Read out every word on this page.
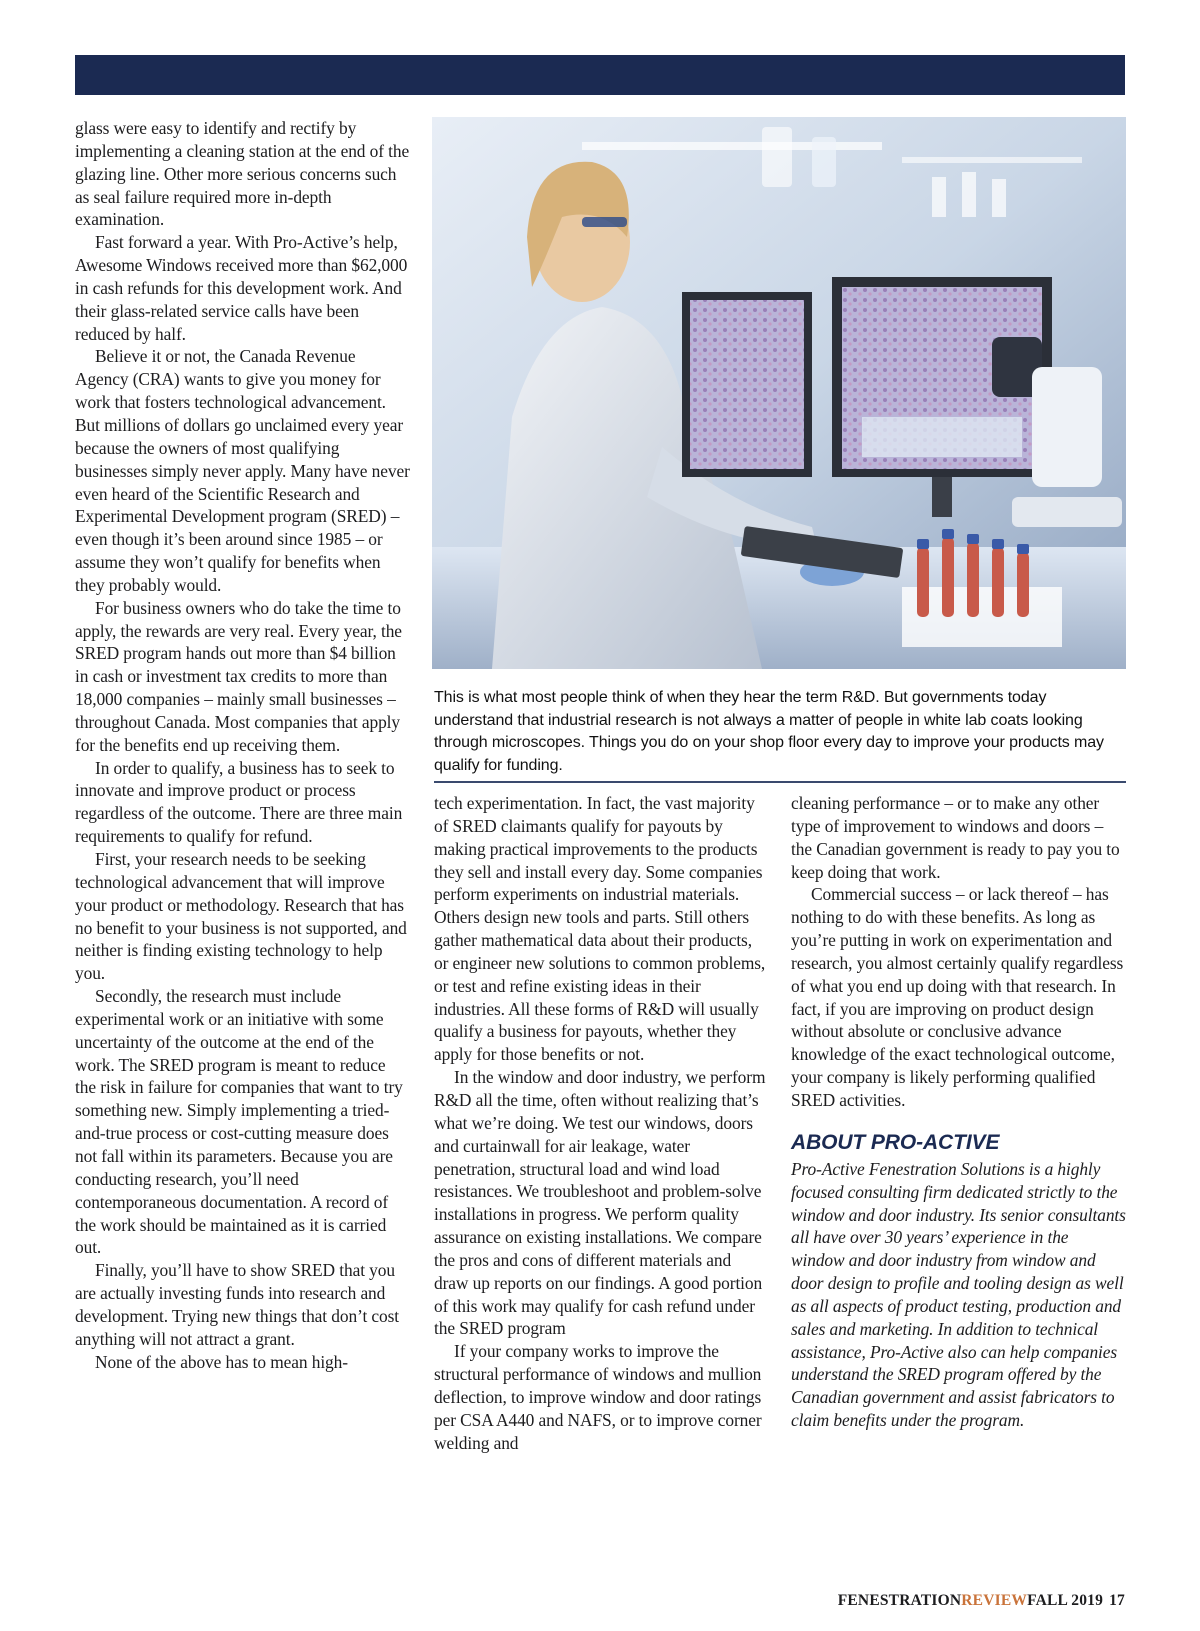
glass were easy to identify and rectify by implementing a cleaning station at the end of the glazing line. Other more serious concerns such as seal failure required more in-depth examination.

Fast forward a year. With Pro-Active’s help, Awesome Windows received more than $62,000 in cash refunds for this development work. And their glass-related service calls have been reduced by half.

Believe it or not, the Canada Revenue Agency (CRA) wants to give you money for work that fosters technological advancement. But millions of dollars go unclaimed every year because the owners of most qualifying businesses simply never apply. Many have never even heard of the Scientific Research and Experimental Development program (SRED) – even though it’s been around since 1985 – or assume they won’t qualify for benefits when they probably would.

For business owners who do take the time to apply, the rewards are very real. Every year, the SRED program hands out more than $4 billion in cash or investment tax credits to more than 18,000 companies – mainly small businesses – throughout Canada. Most companies that apply for the benefits end up receiving them.

In order to qualify, a business has to seek to innovate and improve product or process regardless of the outcome. There are three main requirements to qualify for refund.

First, your research needs to be seeking technological advancement that will improve your product or methodology. Research that has no benefit to your business is not supported, and neither is finding existing technology to help you.

Secondly, the research must include experimental work or an initiative with some uncertainty of the outcome at the end of the work. The SRED program is meant to reduce the risk in failure for companies that want to try something new. Simply implementing a tried-and-true process or cost-cutting measure does not fall within its parameters. Because you are conducting research, you’ll need contemporaneous documentation. A record of the work should be maintained as it is carried out.

Finally, you’ll have to show SRED that you are actually investing funds into research and development. Trying new things that don’t cost anything will not attract a grant.

None of the above has to mean high-

This is what most people think of when they hear the term R&D. But governments today understand that industrial research is not always a matter of people in white lab coats looking through microscopes. Things you do on your shop floor every day to improve your products may qualify for funding.

tech experimentation. In fact, the vast majority of SRED claimants qualify for payouts by making practical improvements to the products they sell and install every day. Some companies perform experiments on industrial materials. Others design new tools and parts. Still others gather mathematical data about their products, or engineer new solutions to common problems, or test and refine existing ideas in their industries. All these forms of R&D will usually qualify a business for payouts, whether they apply for those benefits or not.

In the window and door industry, we perform R&D all the time, often without realizing that’s what we’re doing. We test our windows, doors and curtainwall for air leakage, water penetration, structural load and wind load resistances. We troubleshoot and problem-solve installations in progress. We perform quality assurance on existing installations. We compare the pros and cons of different materials and draw up reports on our findings. A good portion of this work may qualify for cash refund under the SRED program

If your company works to improve the structural performance of windows and mullion deflection, to improve window and door ratings per CSA A440 and NAFS, or to improve corner welding and

cleaning performance – or to make any other type of improvement to windows and doors – the Canadian government is ready to pay you to keep doing that work.

Commercial success – or lack thereof – has nothing to do with these benefits. As long as you’re putting in work on experimentation and research, you almost certainly qualify regardless of what you end up doing with that research. In fact, if you are improving on product design without absolute or conclusive advance knowledge of the exact technological outcome, your company is likely performing qualified SRED activities.

ABOUT PRO-ACTIVE

Pro-Active Fenestration Solutions is a highly focused consulting firm dedicated strictly to the window and door industry. Its senior consultants all have over 30 years’ experience in the window and door industry from window and door design to profile and tooling design as well as all aspects of product testing, production and sales and marketing. In addition to technical assistance, Pro-Active also can help companies understand the SRED program offered by the Canadian government and assist fabricators to claim benefits under the program.

FENESTRATIONREVIEWFALL 2019 17
